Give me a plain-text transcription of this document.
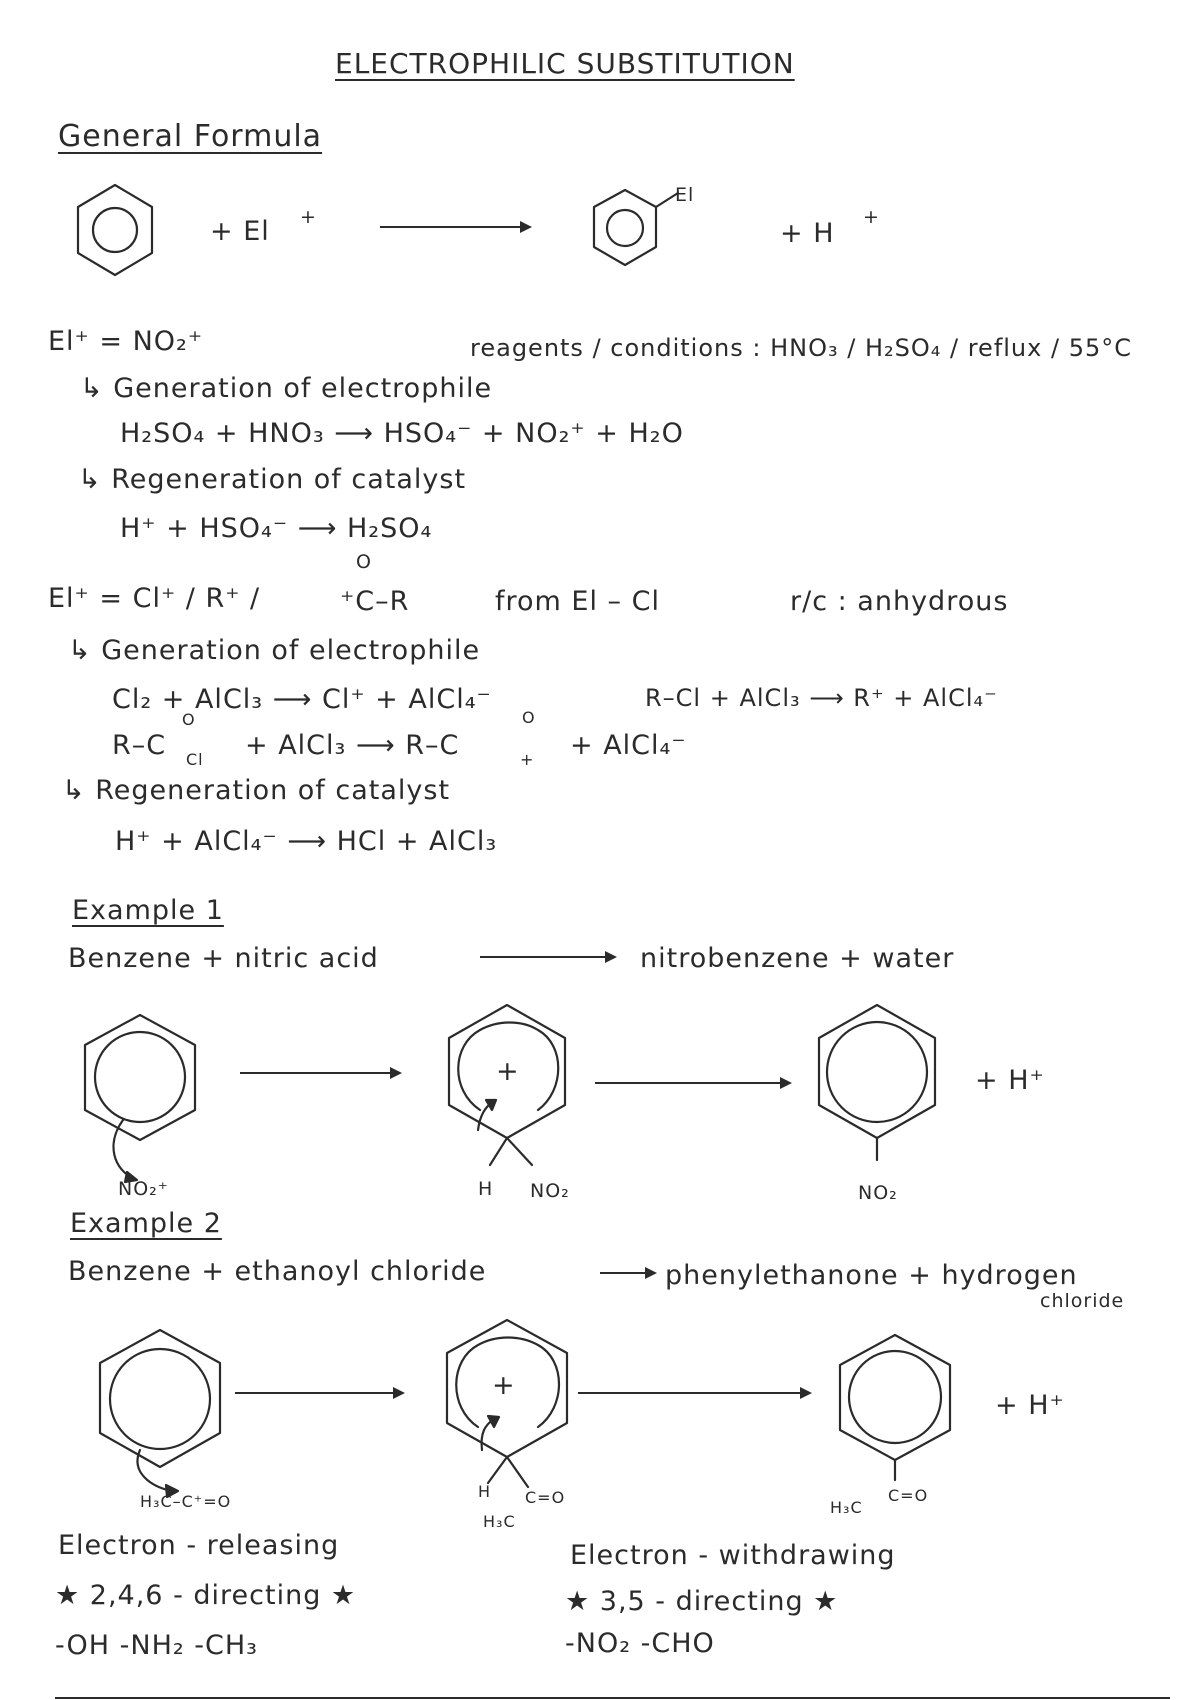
ELECTROPHILIC SUBSTITUTION
General Formula
+ El +
El
+ H
+
El⁺ = NO₂⁺	reagents / conditions : HNO₃ / H₂SO₄ / reflux / 55°C
↳ Generation of electrophile
H₂SO₄ + HNO₃ ⟶ HSO₄⁻ + NO₂⁺ + H₂O
↳ Regeneration of catalyst
H⁺ + HSO₄⁻ ⟶ H₂SO₄
El⁺ = Cl⁺ / R⁺ /
O
⁺C–R	from El – Cl	r/c : anhydrous
↳ Generation of electrophile
Cl₂ + AlCl₃ ⟶ Cl⁺ + AlCl₄⁻	R–Cl + AlCl₃ ⟶ R⁺ + AlCl₄⁻
R–C
O
Cl + AlCl₃ ⟶ R–C
O
+ + AlCl₄⁻
↳ Regeneration of catalyst
H⁺ + AlCl₄⁻ ⟶ HCl + AlCl₃
Example 1
Benzene + nitric acid	nitrobenzene + water
NO₂⁺
+
H NO₂	NO₂
+ H⁺
Example 2
Benzene + ethanoyl chloride	phenylethanone + hydrogen
chloride
H₃C–C⁺=O
+
H C=O
H₃C
C=O
H₃C
+ H⁺
Electron - releasing
★ 2,4,6 - directing ★
-OH -NH₂ -CH₃
Electron - withdrawing
★ 3,5 - directing ★
-NO₂ -CHO
